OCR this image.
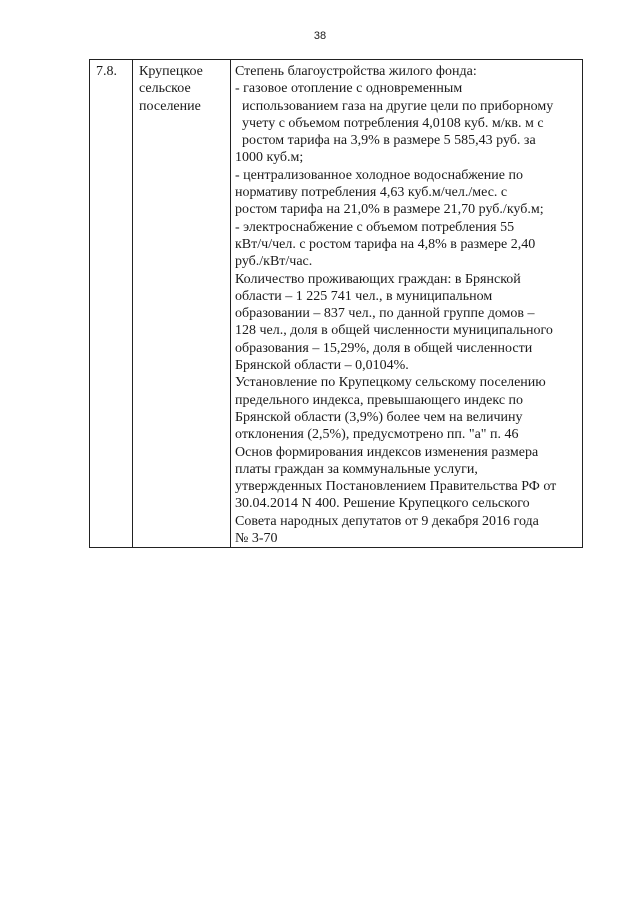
38
7.8. Крупецкое
сельское
поселение
Степень благоустройства жилого фонда:
- газовое отопление с одновременным
использованием газа на другие цели по приборному
учету с объемом потребления 4,0108 куб. м/кв. м с
ростом тарифа на 3,9% в размере 5 585,43 руб. за
1000 куб.м;
- централизованное холодное водоснабжение по
нормативу потребления 4,63 куб.м/чел./мес. с
ростом тарифа на 21,0% в размере 21,70 руб./куб.м;
- электроснабжение с объемом потребления 55
кВт/ч/чел. с ростом тарифа на 4,8% в размере 2,40
руб./кВт/час.
Количество проживающих граждан: в Брянской
области – 1 225 741 чел., в муниципальном
образовании – 837 чел., по данной группе домов –
128 чел., доля в общей численности муниципального
образования – 15,29%, доля в общей численности
Брянской области – 0,0104%.
Установление по Крупецкому сельскому поселению
предельного индекса, превышающего индекс по
Брянской области (3,9%) более чем на величину
отклонения (2,5%), предусмотрено пп. "а" п. 46
Основ формирования индексов изменения размера
платы граждан за коммунальные услуги,
утвержденных Постановлением Правительства РФ от
30.04.2014 N 400. Решение Крупецкого сельского
Совета народных депутатов от 9 декабря 2016 года
№ 3-70
